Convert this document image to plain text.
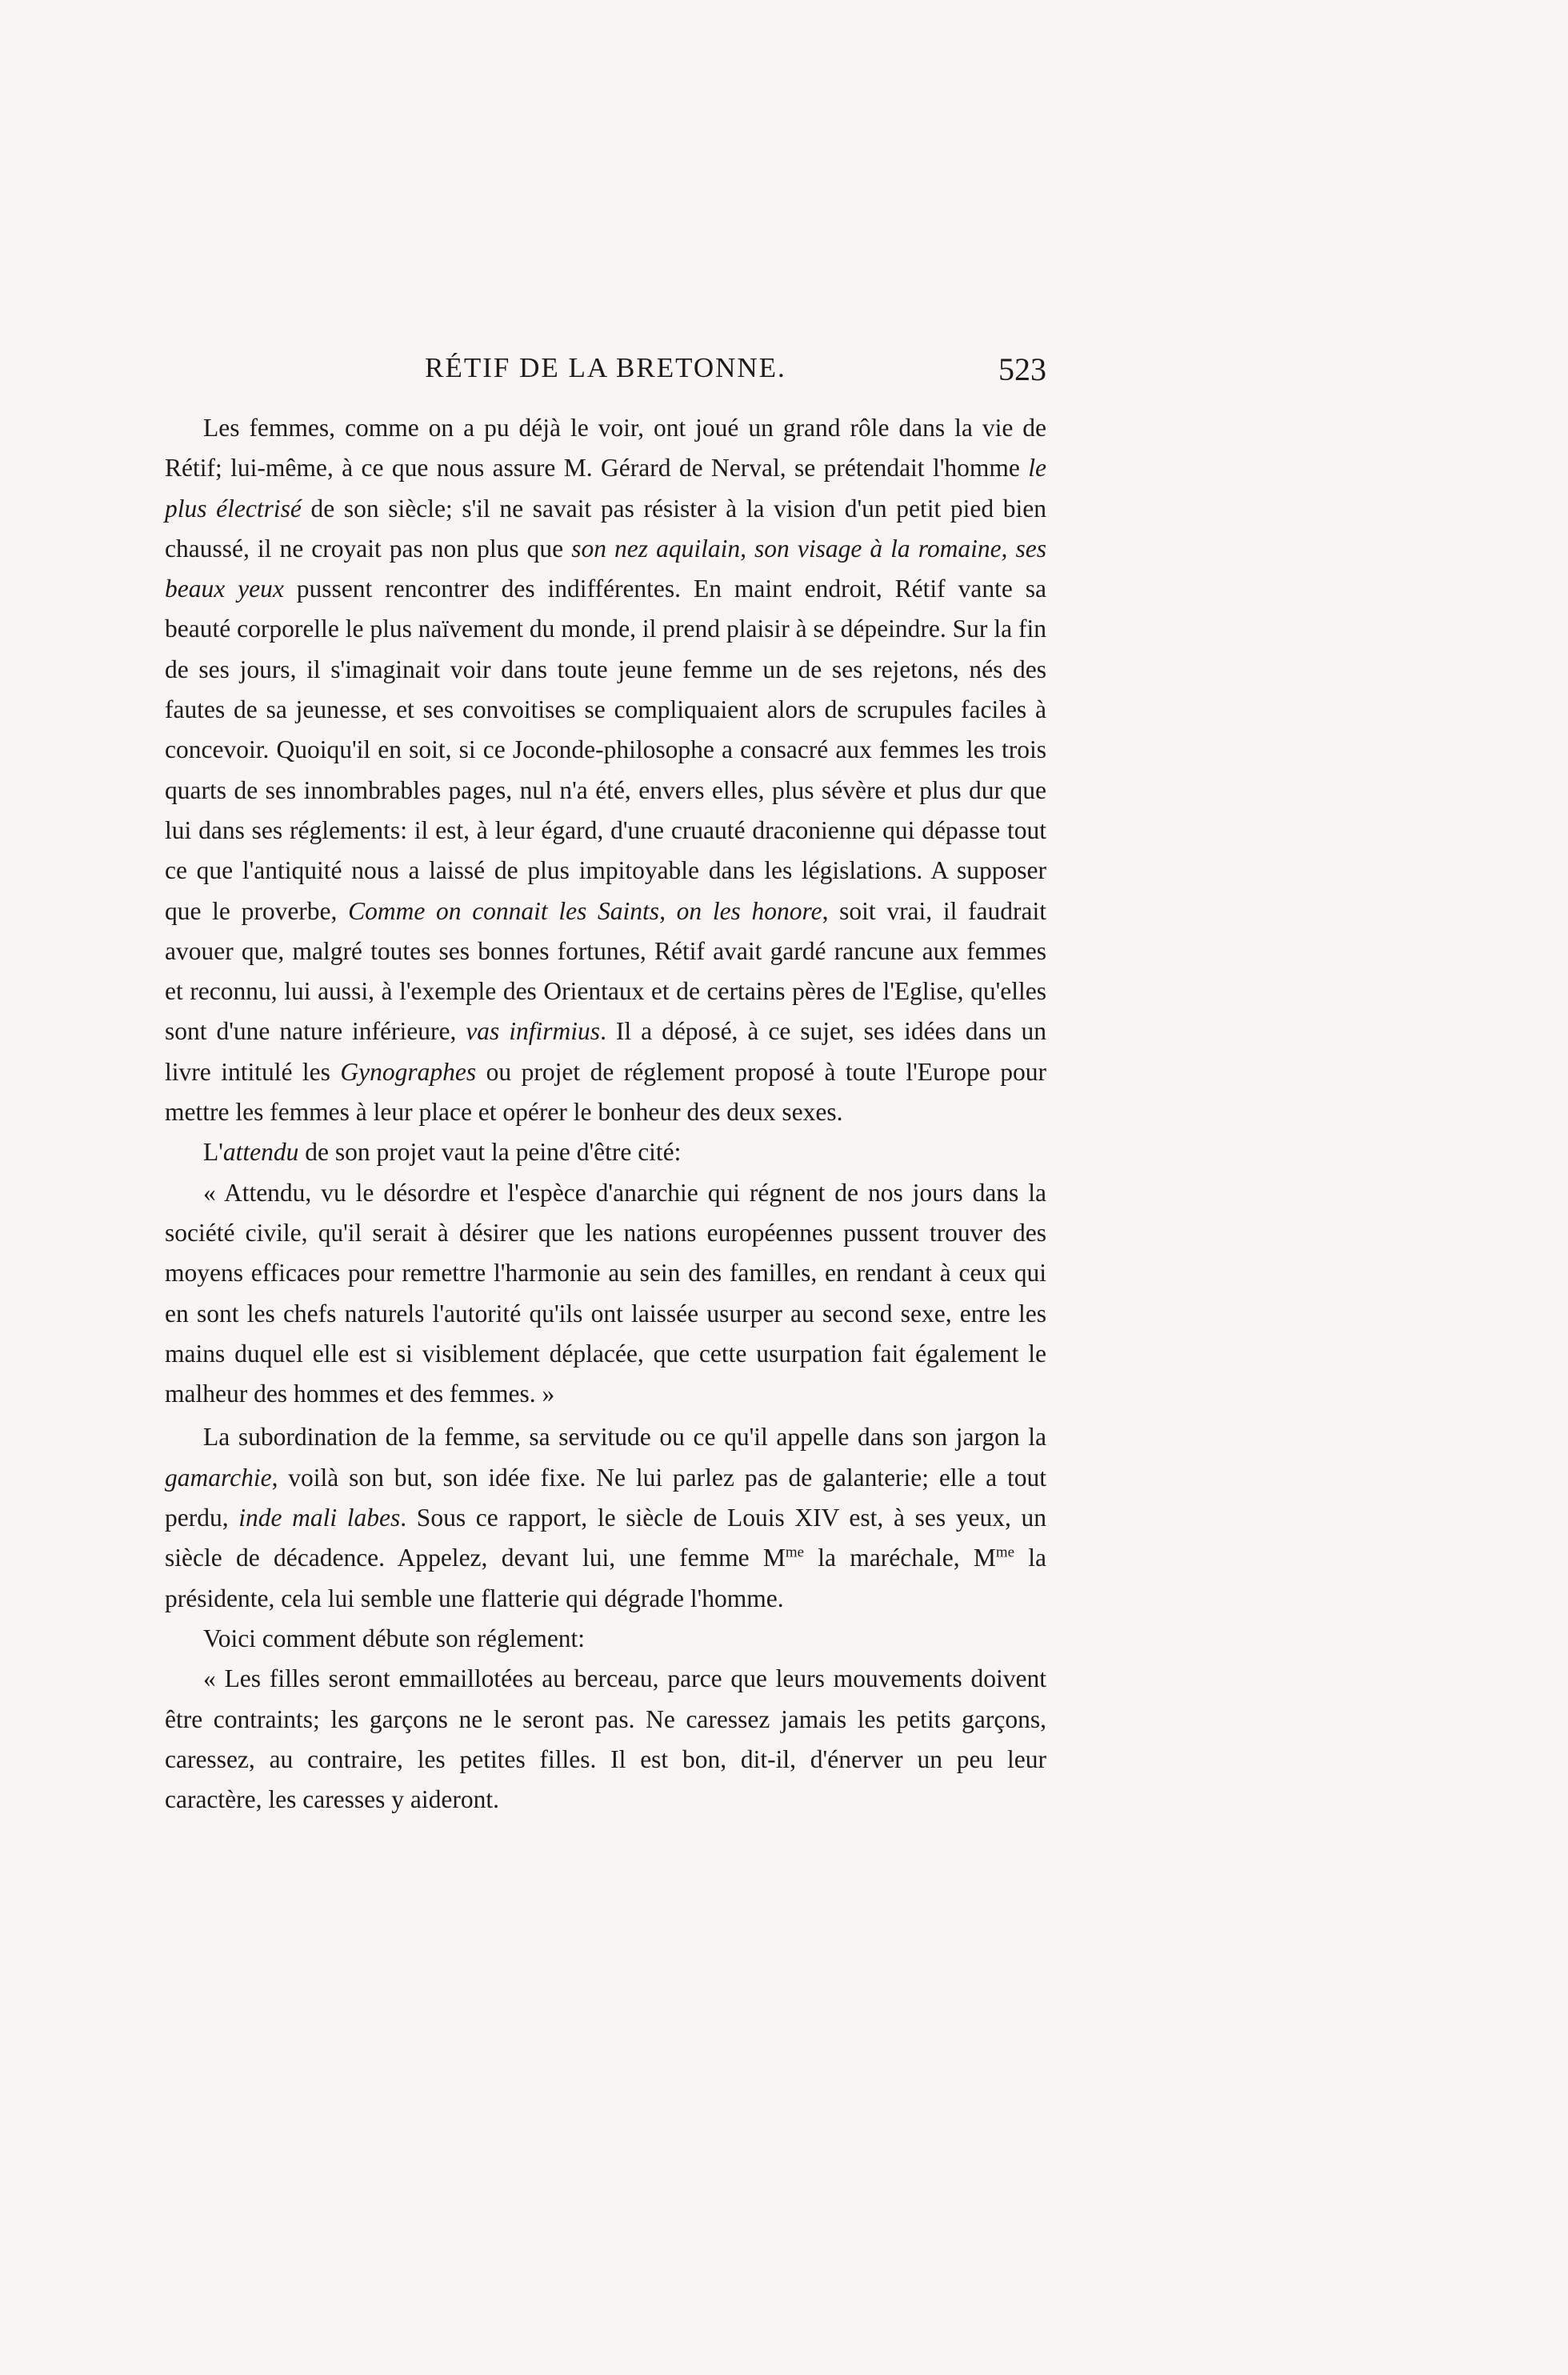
RÉTIF DE LA BRETONNE.	523

Les femmes, comme on a pu déjà le voir, ont joué un grand rôle dans la vie de Rétif; lui-même, à ce que nous assure M. Gérard de Nerval, se prétendait l'homme le plus électrisé de son siècle; s'il ne savait pas résister à la vision d'un petit pied bien chaussé, il ne croyait pas non plus que son nez aquilain, son visage à la romaine, ses beaux yeux pussent rencontrer des indifférentes. En maint endroit, Rétif vante sa beauté corporelle le plus naïvement du monde, il prend plaisir à se dépeindre. Sur la fin de ses jours, il s'imaginait voir dans toute jeune femme un de ses rejetons, nés des fautes de sa jeunesse, et ses convoitises se compliquaient alors de scrupules faciles à concevoir. Quoiqu'il en soit, si ce Joconde-philosophe a consacré aux femmes les trois quarts de ses innombrables pages, nul n'a été, envers elles, plus sévère et plus dur que lui dans ses réglements: il est, à leur égard, d'une cruauté draconienne qui dépasse tout ce que l'antiquité nous a laissé de plus impitoyable dans les législations. A supposer que le proverbe, Comme on connait les Saints, on les honore, soit vrai, il faudrait avouer que, malgré toutes ses bonnes fortunes, Rétif avait gardé rancune aux femmes et reconnu, lui aussi, à l'exemple des Orientaux et de certains pères de l'Eglise, qu'elles sont d'une nature inférieure, vas infirmius. Il a déposé, à ce sujet, ses idées dans un livre intitulé les Gynographes ou projet de réglement proposé à toute l'Europe pour mettre les femmes à leur place et opérer le bonheur des deux sexes.

L'attendu de son projet vaut la peine d'être cité:

« Attendu, vu le désordre et l'espèce d'anarchie qui régnent de nos jours dans la société civile, qu'il serait à désirer que les nations européennes pussent trouver des moyens efficaces pour remettre l'harmonie au sein des familles, en rendant à ceux qui en sont les chefs naturels l'autorité qu'ils ont laissée usurper au second sexe, entre les mains duquel elle est si visiblement déplacée, que cette usurpation fait également le malheur des hommes et des femmes. »

La subordination de la femme, sa servitude ou ce qu'il appelle dans son jargon la gamarchie, voilà son but, son idée fixe. Ne lui parlez pas de galanterie; elle a tout perdu, inde mali labes. Sous ce rapport, le siècle de Louis XIV est, à ses yeux, un siècle de décadence. Appelez, devant lui, une femme $M^{me}$ la maréchale, $M^{me}$ la présidente, cela lui semble une flatterie qui dégrade l'homme.

Voici comment débute son réglement:

« Les filles seront emmaillotées au berceau, parce que leurs mouvements doivent être contraints; les garçons ne le seront pas. Ne caressez jamais les petits garçons, caressez, au contraire, les petites filles. Il est bon, dit-il, d'énerver un peu leur caractère, les caresses y aideront.
